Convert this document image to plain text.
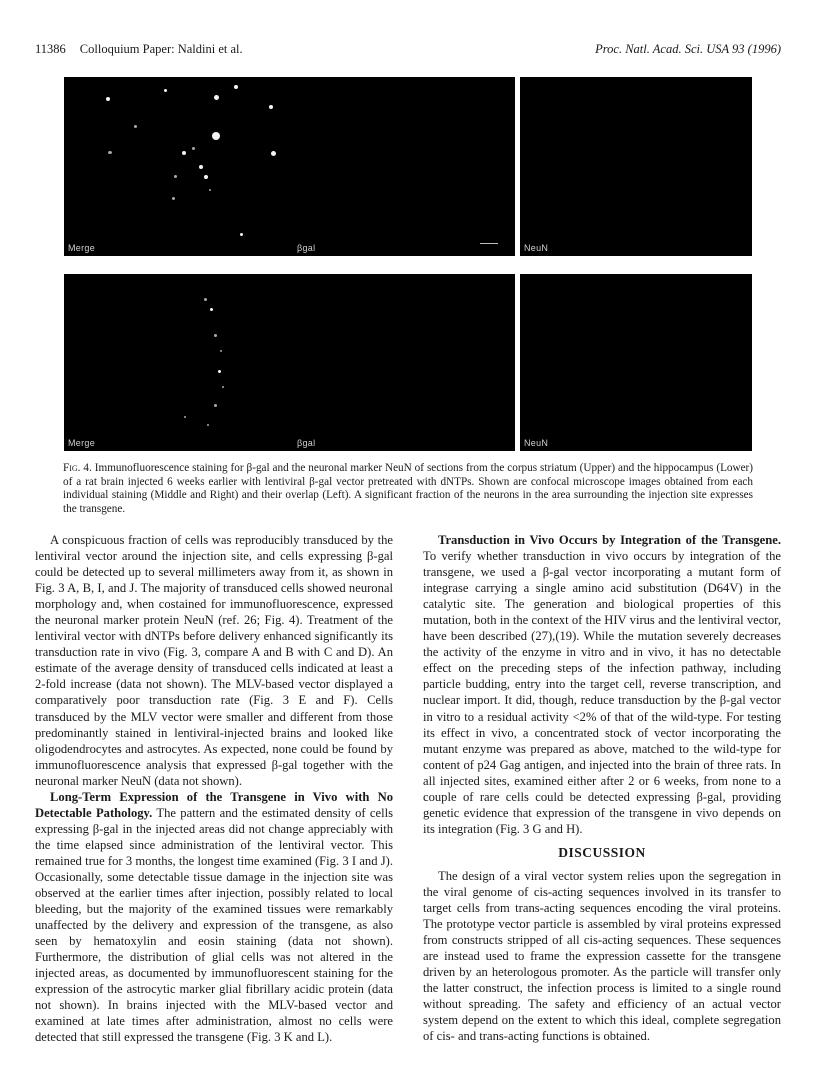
11386 Colloquium Paper: Naldini et al.	Proc. Natl. Acad. Sci. USA 93 (1996)
Merge	βgal	NeuN
Merge	βgal	NeuN
Fig. 4. Immunofluorescence staining for β-gal and the neuronal marker NeuN of sections from the corpus striatum (Upper) and the hippocampus (Lower) of a rat brain injected 6 weeks earlier with lentiviral β-gal vector pretreated with dNTPs. Shown are confocal microscope images obtained from each individual staining (Middle and Right) and their overlap (Left). A significant fraction of the neurons in the area surrounding the injection site expresses the transgene.

A conspicuous fraction of cells was reproducibly transduced by the lentiviral vector around the injection site, and cells expressing β-gal could be detected up to several millimeters away from it, as shown in Fig. 3 A, B, I, and J. The majority of transduced cells showed neuronal morphology and, when costained for immunofluorescence, expressed the neuronal marker protein NeuN (ref. 26; Fig. 4). Treatment of the lentiviral vector with dNTPs before delivery enhanced significantly its transduction rate in vivo (Fig. 3, compare A and B with C and D). An estimate of the average density of transduced cells indicated at least a 2-fold increase (data not shown). The MLV-based vector displayed a comparatively poor transduction rate (Fig. 3 E and F). Cells transduced by the MLV vector were smaller and different from those predominantly stained in lentiviral-injected brains and looked like oligodendrocytes and astrocytes. As expected, none could be found by immunofluorescence analysis that expressed β-gal together with the neuronal marker NeuN (data not shown).

Long-Term Expression of the Transgene in Vivo with No Detectable Pathology. The pattern and the estimated density of cells expressing β-gal in the injected areas did not change appreciably with the time elapsed since administration of the lentiviral vector. This remained true for 3 months, the longest time examined (Fig. 3 I and J). Occasionally, some detectable tissue damage in the injection site was observed at the earlier times after injection, possibly related to local bleeding, but the majority of the examined tissues were remarkably unaffected by the delivery and expression of the transgene, as also seen by hematoxylin and eosin staining (data not shown). Furthermore, the distribution of glial cells was not altered in the injected areas, as documented by immunofluorescent staining for the expression of the astrocytic marker glial fibrillary acidic protein (data not shown). In brains injected with the MLV-based vector and examined at late times after administration, almost no cells were detected that still expressed the transgene (Fig. 3 K and L).

Transduction in Vivo Occurs by Integration of the Transgene. To verify whether transduction in vivo occurs by integration of the transgene, we used a β-gal vector incorporating a mutant form of integrase carrying a single amino acid substitution (D64V) in the catalytic site. The generation and biological properties of this mutation, both in the context of the HIV virus and the lentiviral vector, have been described (27),(19). While the mutation severely decreases the activity of the enzyme in vitro and in vivo, it has no detectable effect on the preceding steps of the infection pathway, including particle budding, entry into the target cell, reverse transcription, and nuclear import. It did, though, reduce transduction by the β-gal vector in vitro to a residual activity <2% of that of the wild-type. For testing its effect in vivo, a concentrated stock of vector incorporating the mutant enzyme was prepared as above, matched to the wild-type for content of p24 Gag antigen, and injected into the brain of three rats. In all injected sites, examined either after 2 or 6 weeks, from none to a couple of rare cells could be detected expressing β-gal, providing genetic evidence that expression of the transgene in vivo depends on its integration (Fig. 3 G and H).

DISCUSSION

The design of a viral vector system relies upon the segregation in the viral genome of cis-acting sequences involved in its transfer to target cells from trans-acting sequences encoding the viral proteins. The prototype vector particle is assembled by viral proteins expressed from constructs stripped of all cis-acting sequences. These sequences are instead used to frame the expression cassette for the transgene driven by an heterologous promoter. As the particle will transfer only the latter construct, the infection process is limited to a single round without spreading. The safety and efficiency of an actual vector system depend on the extent to which this ideal, complete segregation of cis- and trans-acting functions is obtained.
